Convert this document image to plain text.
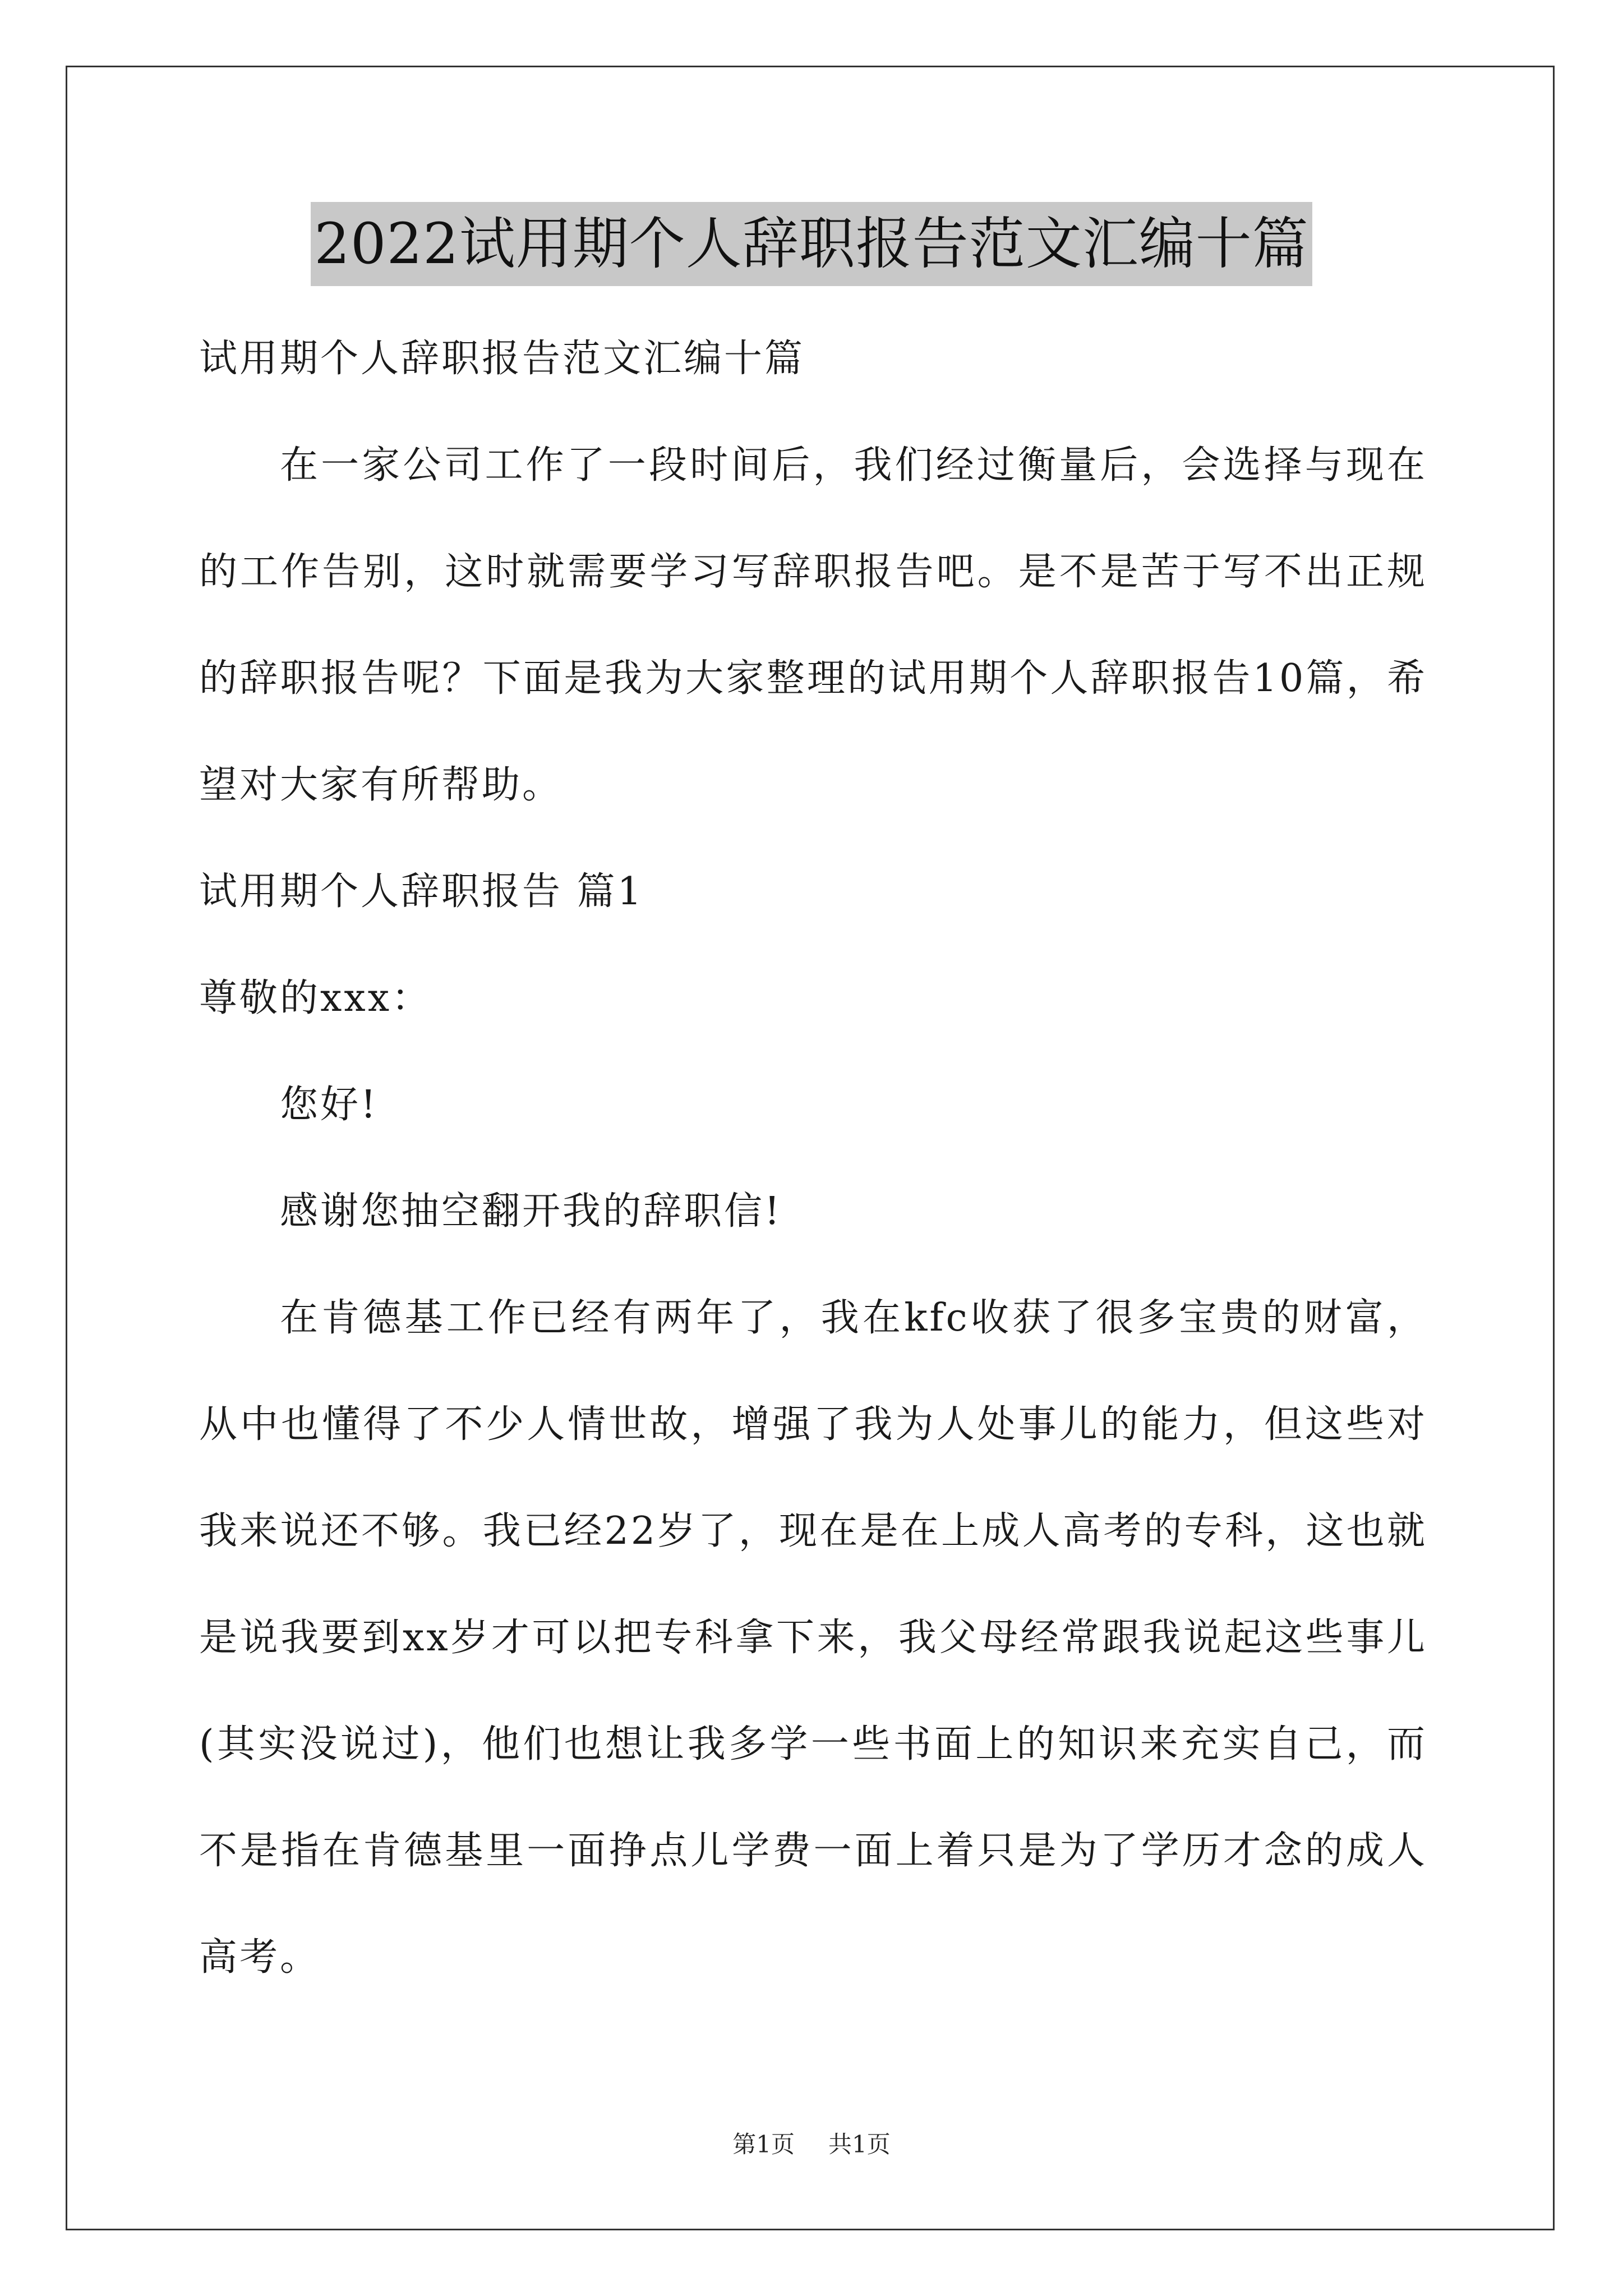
2022试用期个人辞职报告范文汇编十篇
试用期个人辞职报告范文汇编十篇

在一家公司工作了一段时间后，我们经过衡量后，会选择与现在的工作告别，这时就需要学习写辞职报告吧。是不是苦于写不出正规的辞职报告呢？下面是我为大家整理的试用期个人辞职报告10篇，希望对大家有所帮助。

试用期个人辞职报告 篇1
尊敬的xxx：
您好!
感谢您抽空翻开我的辞职信!

在肯德基工作已经有两年了，我在kfc收获了很多宝贵的财富，从中也懂得了不少人情世故，增强了我为人处事儿的能力，但这些对我来说还不够。我已经22岁了，现在是在上成人高考的专科，这也就是说我要到xx岁才可以把专科拿下来，我父母经常跟我说起这些事儿(其实没说过)，他们也想让我多学一些书面上的知识来充实自己，而不是指在肯德基里一面挣点儿学费一面上着只是为了学历才念的成人高考。

第1页 共1页
